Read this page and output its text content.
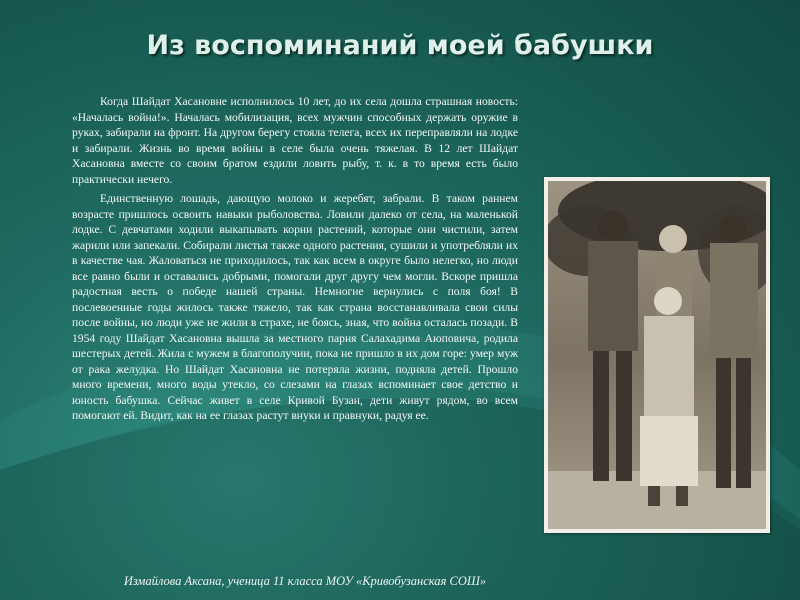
Из воспоминаний моей бабушки

Когда Шайдат Хасановне исполнилось 10 лет, до их села дошла страшная новость: «Началась война!». Началась мобилизация, всех мужчин способных держать оружие в руках, забирали на фронт. На другом берегу стояла телега, всех их переправляли на лодке и забирали. Жизнь во время войны в селе была очень тяжелая. В 12 лет Шайдат Хасановна вместе со своим братом ездили ловить рыбу, т. к. в то время есть было практически нечего.

Единственную лошадь, дающую молоко и жеребят, забрали. В таком раннем возрасте пришлось освоить навыки рыболовства. Ловили далеко от села, на маленькой лодке. С девчатами ходили выкапывать корни растений, которые они чистили, затем жарили или запекали. Собирали листья также одного растения, сушили и употребляли их в качестве чая. Жаловаться не приходилось, так как всем в округе было нелегко, но люди все равно были и оставались добрыми, помогали друг другу чем могли. Вскоре пришла радостная весть о победе нашей страны. Немногие вернулись с поля боя! В послевоенные годы жилось также тяжело, так как страна восстанавливала свои силы после войны, но люди уже не жили в страхе, не боясь, зная, что война осталась позади. В 1954 году Шайдат Хасановна вышла за местного парня Салахадима Аюповича, родила шестерых детей. Жила с мужем в благополучии, пока не пришло в их дом горе: умер муж от рака желудка. Но Шайдат Хасановна не потеряла жизни, подняла детей. Прошло много времени, много воды утекло, со слезами на глазах вспоминает свое детство и юность бабушка. Сейчас живет в селе Кривой Бузан, дети живут рядом, во всем помогают ей. Видит, как на ее глазах растут внуки и правнуки, радуя ее.

Измайлова Аксана, ученица 11 класса МОУ «Кривобузанская СОШ»
